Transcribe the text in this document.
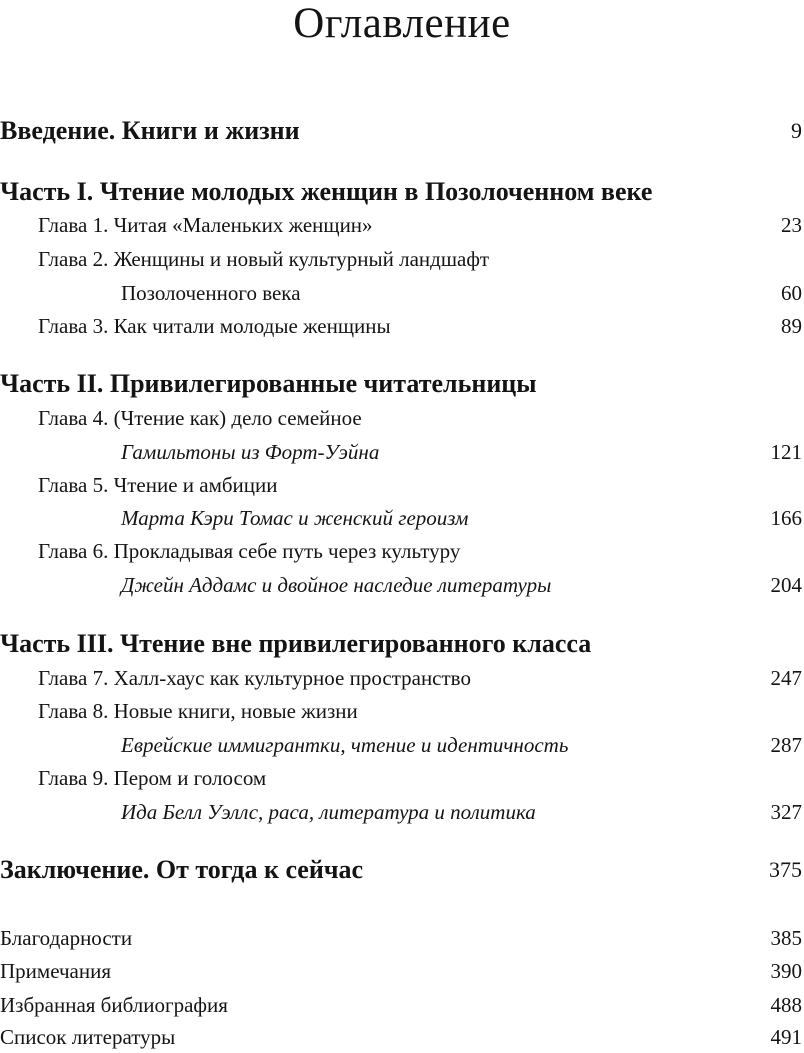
Оглавление
Введение. Книги и жизни	9
Часть I. Чтение молодых женщин в Позолоченном веке
Глава 1. Читая «Маленьких женщин»	23
Глава 2. Женщины и новый культурный ландшафт
Позолоченного века	60
Глава 3. Как читали молодые женщины	89
Часть II. Привилегированные читательницы
Глава 4. (Чтение как) дело семейное
Гамильтоны из Форт-Уэйна	121
Глава 5. Чтение и амбиции
Марта Кэри Томас и женский героизм	166
Глава 6. Прокладывая себе путь через культуру
Джейн Аддамс и двойное наследие литературы	204
Часть III. Чтение вне привилегированного класса
Глава 7. Халл-хаус как культурное пространство	247
Глава 8. Новые книги, новые жизни
Еврейские иммигрантки, чтение и идентичность	287
Глава 9. Пером и голосом
Ида Белл Уэллс, раса, литература и политика	327
Заключение. От тогда к сейчас	375
Благодарности	385
Примечания	390
Избранная библиография	488
Список литературы	491
